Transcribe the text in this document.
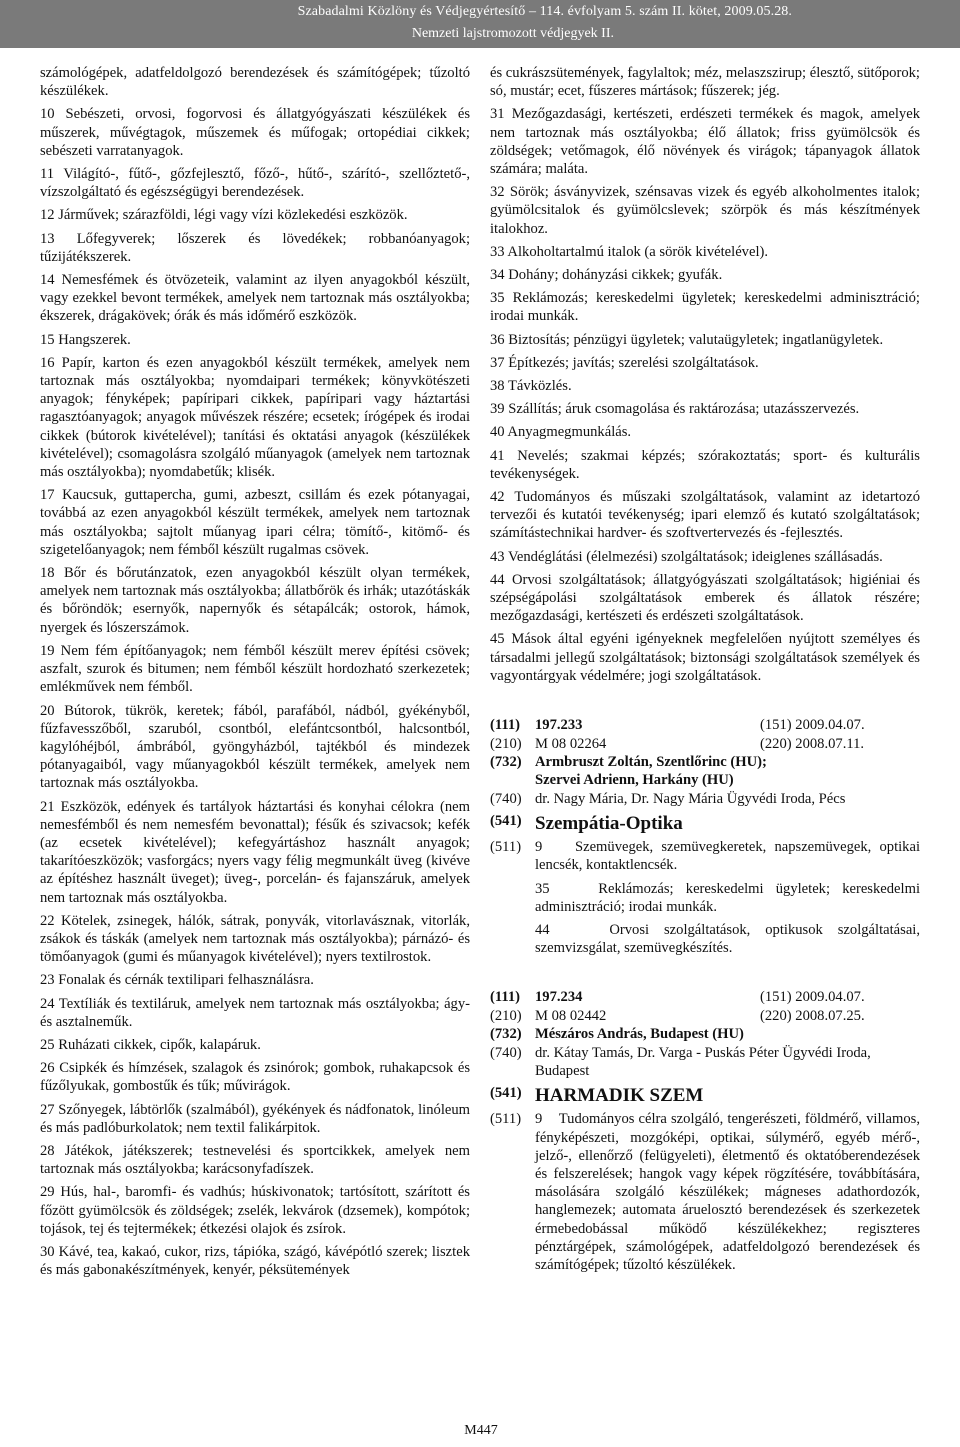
Szabadalmi Közlöny és Védjegyértesítő – 114. évfolyam 5. szám II. kötet, 2009.05.28.
Nemzeti lajstromozott védjegyek II.

számológépek, adatfeldolgozó berendezések és számítógépek; tűzoltó készülékek.

10 Sebészeti, orvosi, fogorvosi és állatgyógyászati készülékek és műszerek, művégtagok, műszemek és műfogak; ortopédiai cikkek; sebészeti varratanyagok.

11 Világító-, fűtő-, gőzfejlesztő, főző-, hűtő-, szárító-, szellőztető-, vízszolgáltató és egészségügyi berendezések.

12 Járművek; szárazföldi, légi vagy vízi közlekedési eszközök.

13 Lőfegyverek; lőszerek és lövedékek; robbanóanyagok; tűzijátékszerek.

14 Nemesfémek és ötvözeteik, valamint az ilyen anyagokból készült, vagy ezekkel bevont termékek, amelyek nem tartoznak más osztályokba; ékszerek, drágakövek; órák és más időmérő eszközök.

15 Hangszerek.

16 Papír, karton és ezen anyagokból készült termékek, amelyek nem tartoznak más osztályokba; nyomdaipari termékek; könyvkötészeti anyagok; fényképek; papíripari cikkek, papíripari vagy háztartási ragasztóanyagok; anyagok művészek részére; ecsetek; írógépek és irodai cikkek (bútorok kivételével); tanítási és oktatási anyagok (készülékek kivételével); csomagolásra szolgáló műanyagok (amelyek nem tartoznak más osztályokba); nyomdabetűk; klisék.

17 Kaucsuk, guttapercha, gumi, azbeszt, csillám és ezek pótanyagai, továbbá az ezen anyagokból készült termékek, amelyek nem tartoznak más osztályokba; sajtolt műanyag ipari célra; tömítő-, kitömő- és szigetelőanyagok; nem fémből készült rugalmas csövek.

18 Bőr és bőrutánzatok, ezen anyagokból készült olyan termékek, amelyek nem tartoznak más osztályokba; állatbőrök és irhák; utazótáskák és bőröndök; esernyők, napernyők és sétapálcák; ostorok, hámok, nyergek és lószerszámok.

19 Nem fém építőanyagok; nem fémből készült merev építési csövek; aszfalt, szurok és bitumen; nem fémből készült hordozható szerkezetek; emlékművek nem fémből.

20 Bútorok, tükrök, keretek; fából, parafából, nádból, gyékényből, fűzfavesszőből, szaruból, csontból, elefántcsontból, halcsontból, kagylóhéjból, ámbrából, gyöngyházból, tajtékból és mindezek pótanyagaiból, vagy műanyagokból készült termékek, amelyek nem tartoznak más osztályokba.

21 Eszközök, edények és tartályok háztartási és konyhai célokra (nem nemesfémből és nem nemesfém bevonattal); fésűk és szivacsok; kefék (az ecsetek kivételével); kefegyártáshoz használt anyagok; takarítóeszközök; vasforgács; nyers vagy félig megmunkált üveg (kivéve az építéshez használt üveget); üveg-, porcelán- és fajanszáruk, amelyek nem tartoznak más osztályokba.

22 Kötelek, zsinegek, hálók, sátrak, ponyvák, vitorlavásznak, vitorlák, zsákok és táskák (amelyek nem tartoznak más osztályokba); párnázó- és tömőanyagok (gumi és műanyagok kivételével); nyers textilrostok.

23 Fonalak és cérnák textilipari felhasználásra.

24 Textíliák és textiláruk, amelyek nem tartoznak más osztályokba; ágy- és asztalneműk.

25 Ruházati cikkek, cipők, kalapáruk.

26 Csipkék és hímzések, szalagok és zsinórok; gombok, ruhakapcsok és fűzőlyukak, gombostűk és tűk; művirágok.

27 Szőnyegek, lábtörlők (szalmából), gyékények és nádfonatok, linóleum és más padlóburkolatok; nem textil falikárpitok.

28 Játékok, játékszerek; testnevelési és sportcikkek, amelyek nem tartoznak más osztályokba; karácsonyfadíszek.

29 Hús, hal-, baromfi- és vadhús; húskivonatok; tartósított, szárított és főzött gyümölcsök és zöldségek; zselék, lekvárok (dzsemek), kompótok; tojások, tej és tejtermékek; étkezési olajok és zsírok.

30 Kávé, tea, kakaó, cukor, rizs, tápióka, szágó, kávépótló szerek; lisztek és más gabonakészítmények, kenyér, péksütemények

és cukrászsütemények, fagylaltok; méz, melaszszirup; élesztő, sütőporok; só, mustár; ecet, fűszeres mártások; fűszerek; jég.

31 Mezőgazdasági, kertészeti, erdészeti termékek és magok, amelyek nem tartoznak más osztályokba; élő állatok; friss gyümölcsök és zöldségek; vetőmagok, élő növények és virágok; tápanyagok állatok számára; maláta.

32 Sörök; ásványvizek, szénsavas vizek és egyéb alkoholmentes italok; gyümölcsitalok és gyümölcslevek; szörpök és más készítmények italokhoz.

33 Alkoholtartalmú italok (a sörök kivételével).

34 Dohány; dohányzási cikkek; gyufák.

35 Reklámozás; kereskedelmi ügyletek; kereskedelmi adminisztráció; irodai munkák.

36 Biztosítás; pénzügyi ügyletek; valutaügyletek; ingatlanügyletek.

37 Építkezés; javítás; szerelési szolgáltatások.

38 Távközlés.

39 Szállítás; áruk csomagolása és raktározása; utazásszervezés.

40 Anyagmegmunkálás.

41 Nevelés; szakmai képzés; szórakoztatás; sport- és kulturális tevékenységek.

42 Tudományos és műszaki szolgáltatások, valamint az idetartozó tervezői és kutatói tevékenység; ipari elemző és kutató szolgáltatások; számítástechnikai hardver- és szoftvertervezés és -fejlesztés.

43 Vendéglátási (élelmezési) szolgáltatások; ideiglenes szállásadás.

44 Orvosi szolgáltatások; állatgyógyászati szolgáltatások; higiéniai és szépségápolási szolgáltatások emberek és állatok részére; mezőgazdasági, kertészeti és erdészeti szolgáltatások.

45 Mások által egyéni igényeknek megfelelően nyújtott személyes és társadalmi jellegű szolgáltatások; biztonsági szolgáltatások személyek és vagyontárgyak védelmére; jogi szolgáltatások.

(111)	197.233	(151) 2009.04.07.
(210) M 08 02264	(220) 2008.07.11.
(732) Armbruszt Zoltán, Szentlőrinc (HU);
Szervei Adrienn, Harkány (HU)
(740) dr. Nagy Mária, Dr. Nagy Mária Ügyvédi Iroda, Pécs
(541) Szempátia-Optika
(511) 9 Szemüvegek, szemüvegkeretek, napszemüvegek, optikai lencsék, kontaktlencsék.
35	Reklámozás; kereskedelmi ügyletek; kereskedelmi adminisztráció; irodai munkák.
44	Orvosi szolgáltatások, optikusok szolgáltatásai, szemvizsgálat, szemüvegkészítés.
(111)	197.234	(151) 2009.04.07.
(210) M 08 02442	(220) 2008.07.25.
(732) Mészáros András, Budapest (HU)
(740) dr. Kátay Tamás, Dr. Varga - Puskás Péter Ügyvédi Iroda,
Budapest
(541) HARMADIK SZEM
(511) 9 Tudományos célra szolgáló, tengerészeti, földmérő, villamos, fényképészeti, mozgóképi, optikai, súlymérő, egyéb mérő-, jelző-, ellenőrző (felügyeleti), életmentő és oktatóberendezések és felszerelések; hangok vagy képek rögzítésére, továbbítására, másolására szolgáló készülékek; mágneses adathordozók, hanglemezek; automata áruelosztó berendezések és szerkezetek érmebedobással működő készülékekhez; regiszteres pénztárgépek, számológépek, adatfeldolgozó berendezések és számítógépek; tűzoltó készülékek.
M447
